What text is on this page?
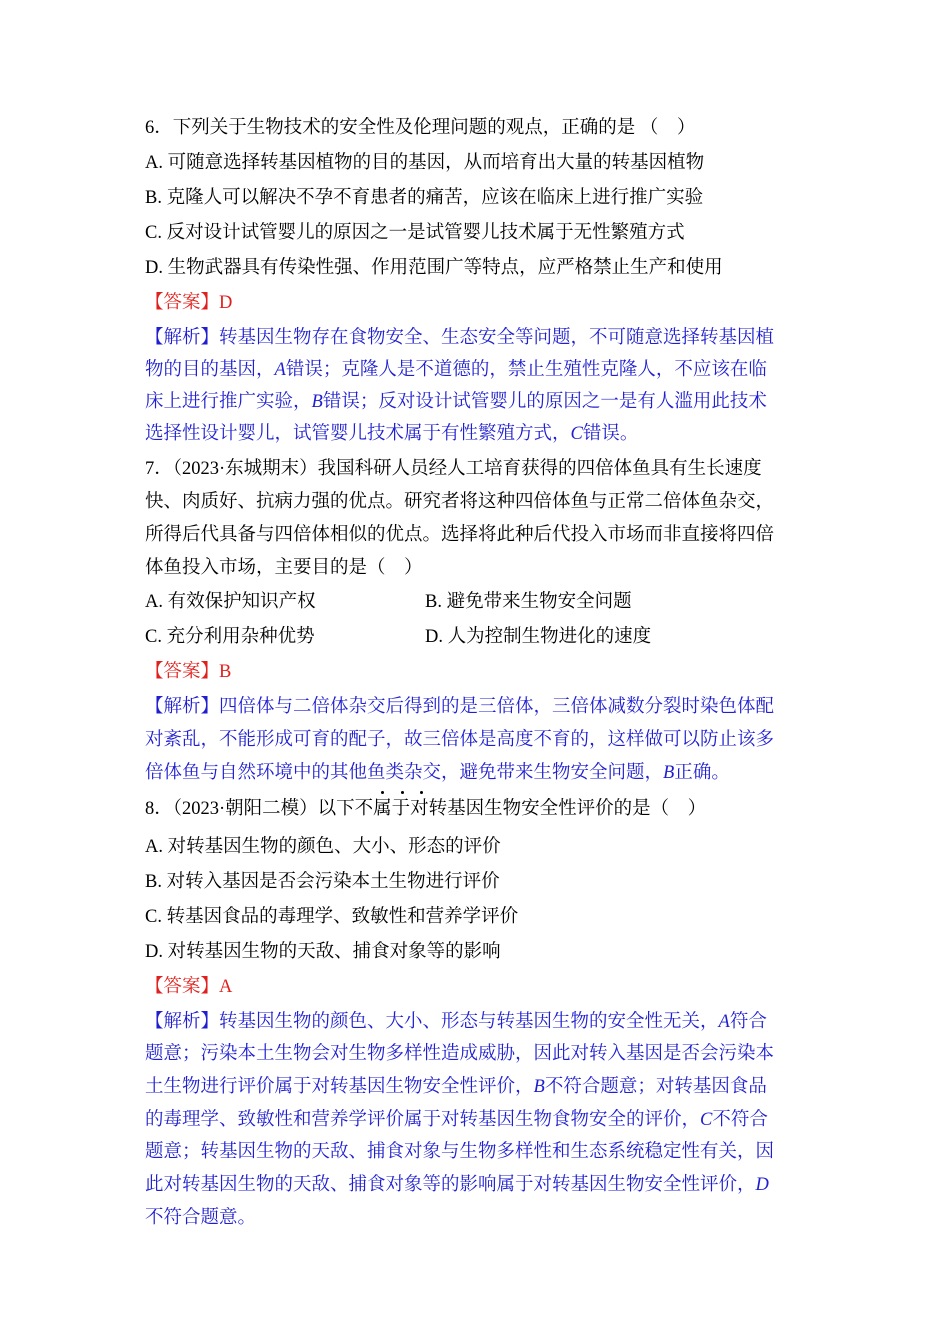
6．下列关于生物技术的安全性及伦理问题的观点，正确的是 （　）
A. 可随意选择转基因植物的目的基因，从而培育出大量的转基因植物
B. 克隆人可以解决不孕不育患者的痛苦，应该在临床上进行推广实验
C. 反对设计试管婴儿的原因之一是试管婴儿技术属于无性繁殖方式
D. 生物武器具有传染性强、作用范围广等特点，应严格禁止生产和使用
【答案】D
【解析】转基因生物存在食物安全、生态安全等问题，不可随意选择转基因植
物的目的基因，A错误；克隆人是不道德的，禁止生殖性克隆人，不应该在临
床上进行推广实验，B错误；反对设计试管婴儿的原因之一是有人滥用此技术
选择性设计婴儿，试管婴儿技术属于有性繁殖方式，C错误。
7．（2023·东城期末）我国科研人员经人工培育获得的四倍体鱼具有生长速度
快、肉质好、抗病力强的优点。研究者将这种四倍体鱼与正常二倍体鱼杂交，
所得后代具备与四倍体相似的优点。选择将此种后代投入市场而非直接将四倍
体鱼投入市场，主要目的是（　）
A. 有效保护知识产权	B. 避免带来生物安全问题
C. 充分利用杂种优势	D. 人为控制生物进化的速度
【答案】B
【解析】四倍体与二倍体杂交后得到的是三倍体，三倍体减数分裂时染色体配
对紊乱，不能形成可育的配子，故三倍体是高度不育的，这样做可以防止该多
倍体鱼与自然环境中的其他鱼类杂交，避免带来生物安全问题，B正确。
8．（2023·朝阳二模）以下不属于对转基因生物安全性评价的是（　）
A. 对转基因生物的颜色、大小、形态的评价
B. 对转入基因是否会污染本土生物进行评价
C. 转基因食品的毒理学、致敏性和营养学评价
D. 对转基因生物的天敌、捕食对象等的影响
【答案】A
【解析】转基因生物的颜色、大小、形态与转基因生物的安全性无关，A符合
题意；污染本土生物会对生物多样性造成威胁，因此对转入基因是否会污染本
土生物进行评价属于对转基因生物安全性评价，B不符合题意；对转基因食品
的毒理学、致敏性和营养学评价属于对转基因生物食物安全的评价，C不符合
题意；转基因生物的天敌、捕食对象与生物多样性和生态系统稳定性有关，因
此对转基因生物的天敌、捕食对象等的影响属于对转基因生物安全性评价，D
不符合题意。
